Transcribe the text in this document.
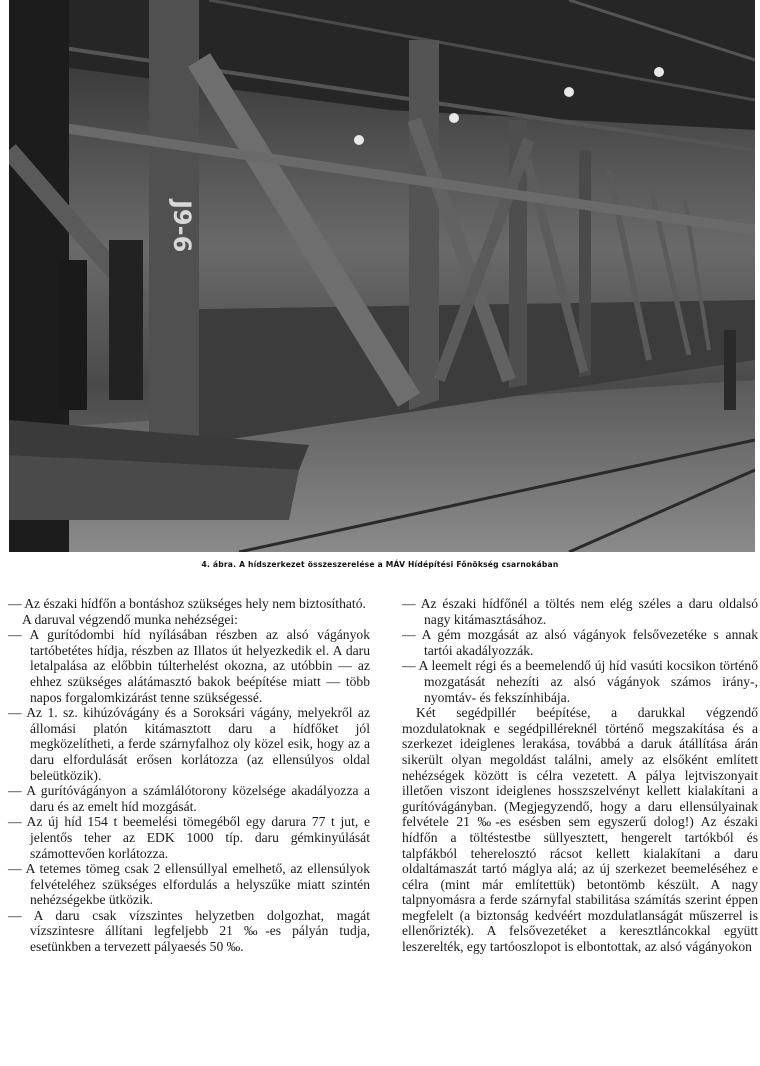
J9-6
4. ábra. A hídszerkezet összeszerelése a MÁV Hídépítési Főnökség csarnokában

— Az északi hídfőn a bontáshoz szükséges hely nem biztosítható.

A daruval végzendő munka nehézségei:

— A gurítódombi híd nyílásában részben az alsó vágányok tartóbetétes hídja, részben az Illatos út helyezkedik el. A daru letalpalása az előbbin túlterhelést okozna, az utóbbin — az ehhez szükséges alátámasztó bakok beépítése miatt — több napos forgalomkizárást tenne szükségessé.

— Az 1. sz. kihúzóvágány és a Soroksári vágány, melyekről az állomási platón kitámasztott daru a hídfőket jól megközelítheti, a ferde szárnyfalhoz oly közel esik, hogy az a daru elfordulását erősen korlátozza (az ellensúlyos oldal beleütközik).

— A gurítóvágányon a számlálótorony közelsége akadályozza a daru és az emelt híd mozgását.

— Az új híd 154 t beemelési tömegéből egy darura 77 t jut, e jelentős teher az EDK 1000 típ. daru gémkinyúlását számottevően korlátozza.

— A tetemes tömeg csak 2 ellensúllyal emelhető, az ellensúlyok felvételéhez szükséges elfordulás a helyszűke miatt szintén nehézségekbe ütközik.

— A daru csak vízszintes helyzetben dolgozhat, magát vízszintesre állítani legfeljebb 21 ‰-es pályán tudja, esetünkben a tervezett pályaesés 50 ‰.

— Az északi hídfőnél a töltés nem elég széles a daru oldalsó nagy kitámasztásához.

— A gém mozgását az alsó vágányok felsővezetéke s annak tartói akadályozzák.

— A leemelt régi és a beemelendő új híd vasúti kocsikon történő mozgatását nehezíti az alsó vágányok számos irány-, nyomtáv- és fekszínhibája.

Két segédpillér beépítése, a darukkal végzendő mozdulatoknak e segédpilléreknél történő megszakítása és a szerkezet ideiglenes lerakása, továbbá a daruk átállítása árán sikerült olyan megoldást találni, amely az elsőként említett nehézségek között is célra vezetett. A pálya lejtviszonyait illetően viszont ideiglenes hosszszelvényt kellett kialakítani a gurítóvágányban. (Megjegyzendő, hogy a daru ellensúlyainak felvétele 21 ‰-es esésben sem egyszerű dolog!) Az északi hídfőn a töltéstestbe süllyesztett, hengerelt tartókból és talpfákból teherelosztó rácsot kellett kialakítani a daru oldaltámaszát tartó máglya alá; az új szerkezet beemeléséhez e célra (mint már említettük) betontömb készült. A nagy talpnyomásra a ferde szárnyfal stabilitása számítás szerint éppen megfelelt (a biztonság kedvéért mozdulatlanságát műszerrel is ellenőrizték). A felsővezetéket a keresztláncokkal együtt leszerelték, egy tartóoszlopot is elbontottak, az alsó vágányokon
